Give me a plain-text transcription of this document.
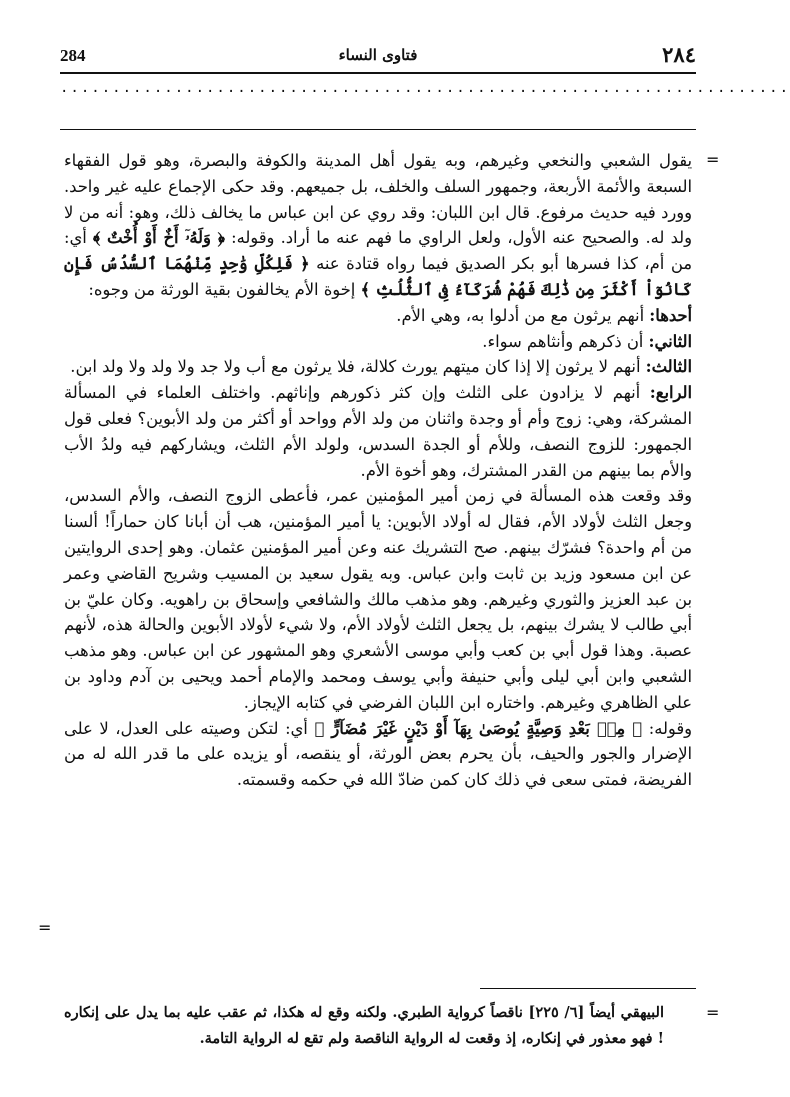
284	فتاوى النساء	٢٨٤
......................................................................
=
=

يقول الشعبي والنخعي وغيرهم، وبه يقول أهل المدينة والكوفة والبصرة، وهو قول الفقهاء السبعة والأئمة الأربعة، وجمهور السلف والخلف، بل جميعهم. وقد حكى الإجماع عليه غير واحد. وورد فيه حديث مرفوع. قال ابن اللبان: وقد روي عن ابن عباس ما يخالف ذلك، وهو: أنه من لا ولد له. والصحيح عنه الأول، ولعل الراوي ما فهم عنه ما أراد. وقوله: ﴿ وَلَهُۥٓ أَخٌ أَوْ أُخْتٌ ﴾ أي: من أم، كذا فسرها أبو بكر الصديق فيما رواه قتادة عنه ﴿ فَلِكُلِّ وَٰحِدٍ مِّنْهُمَا ٱلسُّدُسُ فَإِن كَانُوٓاْ أَكْثَرَ مِن ذَٰلِكَ فَهُمْ شُرَكَآءُ فِى ٱلثُّلُثِ ﴾ إخوة الأم يخالفون بقية الورثة من وجوه:

أحدها: أنهم يرثون مع من أدلوا به، وهي الأم.

الثاني: أن ذكرهم وأنثاهم سواء.

الثالث: أنهم لا يرثون إلا إذا كان ميتهم يورث كلالة، فلا يرثون مع أب ولا جد ولا ولد ولا ولد ابن.

الرابع: أنهم لا يزادون على الثلث وإن كثر ذكورهم وإناثهم. واختلف العلماء في المسألة المشركة، وهي: زوج وأم أو وجدة واثنان من ولد الأم وواحد أو أكثر من ولد الأبوين؟ فعلى قول الجمهور: للزوج النصف، وللأم أو الجدة السدس، ولولد الأم الثلث، ويشاركهم فيه ولدُ الأب والأم بما بينهم من القدر المشترك، وهو أخوة الأم.

وقد وقعت هذه المسألة في زمن أمير المؤمنين عمر، فأعطى الزوج النصف، والأم السدس، وجعل الثلث لأولاد الأم، فقال له أولاد الأبوين: يا أمير المؤمنين، هب أن أبانا كان حماراً! ألسنا من أم واحدة؟ فشرّك بينهم. صح التشريك عنه وعن أمير المؤمنين عثمان. وهو إحدى الروايتين عن ابن مسعود وزيد بن ثابت وابن عباس. وبه يقول سعيد بن المسيب وشريح القاضي وعمر بن عبد العزيز والثوري وغيرهم. وهو مذهب مالك والشافعي وإسحاق بن راهويه. وكان عليّ بن أبي طالب لا يشرك بينهم، بل يجعل الثلث لأولاد الأم، ولا شيء لأولاد الأبوين والحالة هذه، لأنهم عصبة. وهذا قول أبي بن كعب وأبي موسى الأشعري وهو المشهور عن ابن عباس. وهو مذهب الشعبي وابن أبي ليلى وأبي حنيفة وأبي يوسف ومحمد والإمام أحمد ويحيى بن آدم وداود بن علي الظاهري وغيرهم. واختاره ابن اللبان الفرضي في كتابه الإيجاز.

وقوله: ﴿ مِنۢ بَعْدِ وَصِيَّةٍ يُوصَىٰ بِهَآ أَوْ دَيْنٍ غَيْرَ مُضَآرٍّ ﴾ أي: لتكن وصيته على العدل، لا على الإضرار والجور والحيف، بأن يحرم بعض الورثة، أو ينقصه، أو يزيده على ما قدر الله له من الفريضة، فمتى سعى في ذلك كان كمن ضادّ الله في حكمه وقسمته.

=

البيهقي أيضاً [٦/ ٢٢٥] ناقصاً كرواية الطبري. ولكنه وقع له هكذا، ثم عقب عليه بما يدل على إنكاره ! فهو معذور في إنكاره، إذ وقعت له الرواية الناقصة ولم تقع له الرواية التامة.
